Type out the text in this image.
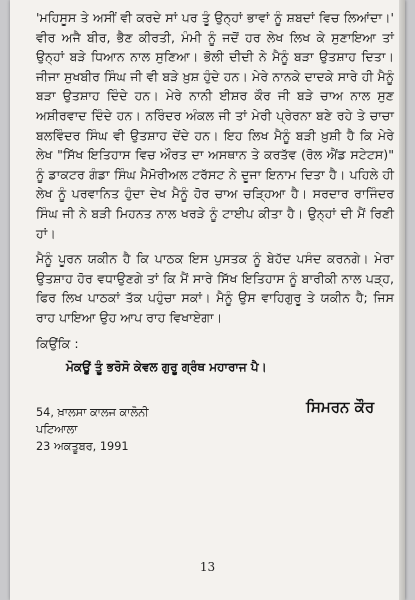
'ਮਹਿਸੂਸ ਤੇ ਅਸੀਂ ਵੀ ਕਰਦੇ ਸਾਂ ਪਰ ਤੂੰ ਉਨ੍ਹਾਂ ਭਾਵਾਂ ਨੂੰ ਸ਼ਬਦਾਂ ਵਿਚ ਲਿਆਂਦਾ।' ਵੀਰ ਅਜੈ ਬੀਰ, ਭੈਣ ਕੀਰਤੀ, ਮੰਮੀ ਨੂੰ ਜਦੋਂ ਹਰ ਲੇਖ ਲਿਖ ਕੇ ਸੁਣਾਇਆ ਤਾਂ ਉਨ੍ਹਾਂ ਬੜੇ ਧਿਆਨ ਨਾਲ ਸੁਣਿਆ। ਭੋਲੀ ਦੀਦੀ ਨੇ ਮੈਨੂੰ ਬੜਾ ਉਤਸ਼ਾਹ ਦਿਤਾ। ਜੀਜਾ ਸੁਖਬੀਰ ਸਿੰਘ ਜੀ ਵੀ ਬੜੇ ਖ਼ੁਸ਼ ਹੁੰਦੇ ਹਨ। ਮੇਰੇ ਨਾਨਕੇ ਦਾਦਕੇ ਸਾਰੇ ਹੀ ਮੈਨੂੰ ਬੜਾ ਉਤਸ਼ਾਹ ਦਿੰਦੇ ਹਨ। ਮੇਰੇ ਨਾਨੀ ਈਸ਼ਰ ਕੌਰ ਜੀ ਬੜੇ ਚਾਅ ਨਾਲ ਸੁਣ ਅਸ਼ੀਰਵਾਦ ਦਿੰਦੇ ਹਨ। ਨਰਿੰਦਰ ਅੰਕਲ ਜੀ ਤਾਂ ਮੇਰੀ ਪ੍ਰੇਰਨਾ ਬਣੇ ਰਹੇ ਤੇ ਚਾਚਾ ਬਲਵਿੰਦਰ ਸਿੰਘ ਵੀ ਉਤਸ਼ਾਹ ਦੇਂਦੇ ਹਨ। ਇਹ ਲਿਖ ਮੈਨੂੰ ਬੜੀ ਖ਼ੁਸ਼ੀ ਹੈ ਕਿ ਮੇਰੇ ਲੇਖ "ਸਿੱਖ ਇਤਿਹਾਸ ਵਿਚ ਔਰਤ ਦਾ ਅਸਥਾਨ ਤੇ ਕਰਤੱਵ (ਰੋਲ ਐਂਡ ਸਟੇਟਸ)" ਨੂੰ ਡਾਕਟਰ ਗੰਡਾ ਸਿੰਘ ਮੈਮੋਰੀਅਲ ਟਰੱਸਟ ਨੇ ਦੂਜਾ ਇਨਾਮ ਦਿਤਾ ਹੈ। ਪਹਿਲੇ ਹੀ ਲੇਖ ਨੂੰ ਪਰਵਾਨਿਤ ਹੁੰਦਾ ਦੇਖ ਮੈਨੂੰ ਹੋਰ ਚਾਅ ਚੜ੍ਹਿਆ ਹੈ। ਸਰਦਾਰ ਰਾਜਿੰਦਰ ਸਿੰਘ ਜੀ ਨੇ ਬੜੀ ਮਿਹਨਤ ਨਾਲ ਖਰੜੇ ਨੂੰ ਟਾਈਪ ਕੀਤਾ ਹੈ। ਉਨ੍ਹਾਂ ਦੀ ਮੈਂ ਰਿਣੀ ਹਾਂ।

ਮੈਨੂੰ ਪੂਰਨ ਯਕੀਨ ਹੈ ਕਿ ਪਾਠਕ ਇਸ ਪੁਸਤਕ ਨੂੰ ਬੇਹੱਦ ਪਸੰਦ ਕਰਨਗੇ। ਮੇਰਾ ਉਤਸ਼ਾਹ ਹੋਰ ਵਧਾਉਣਗੇ ਤਾਂ ਕਿ ਮੈਂ ਸਾਰੇ ਸਿੱਖ ਇਤਿਹਾਸ ਨੂੰ ਬਾਰੀਕੀ ਨਾਲ ਪੜ੍ਹ, ਫਿਰ ਲਿਖ ਪਾਠਕਾਂ ਤੱਕ ਪਹੁੰਚਾ ਸਕਾਂ। ਮੈਨੂੰ ਉਸ ਵਾਹਿਗੁਰੂ ਤੇ ਯਕੀਨ ਹੈ; ਜਿਸ ਰਾਹ ਪਾਇਆ ਉਹ ਆਪ ਰਾਹ ਵਿਖਾਏਗਾ।

ਕਿਉਂਕਿ :
ਮੋਕਊਂ ਤੂੰ ਭਰੋਸੋ ਕੇਵਲ ਗੁਰੂ ਗ੍ਰੰਥ ਮਹਾਰਾਜ ਪੈ।
54, ਖ਼ਾਲਸਾ ਕਾਲਜ ਕਾਲੋਨੀ
ਪਟਿਆਲਾ
23 ਅਕਤੂਬਰ, 1991
ਸਿਮਰਨ ਕੌਰ
13
